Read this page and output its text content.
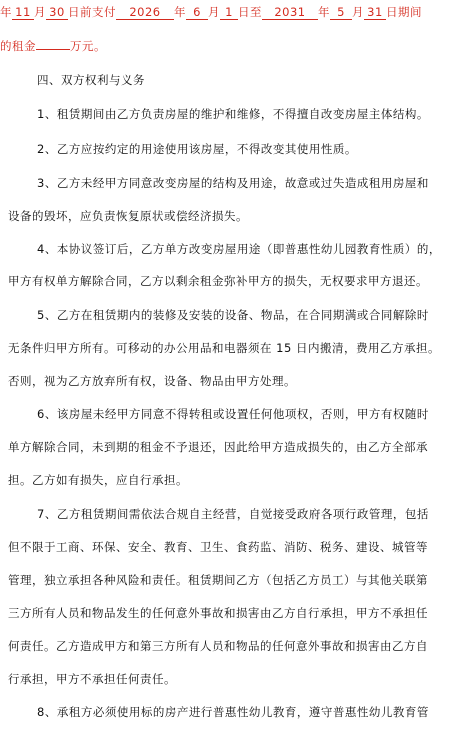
年 11 月 30 日前支付 2026 年 6 月 1 日至 2031 年 5 月 31 日期间
的租金	万元。
四、双方权利与义务
1、租赁期间由乙方负责房屋的维护和维修，不得擅自改变房屋主体结构。
2、乙方应按约定的用途使用该房屋，不得改变其使用性质。
3、乙方未经甲方同意改变房屋的结构及用途，故意或过失造成租用房屋和
设备的毁坏，应负责恢复原状或偿经济损失。
4、本协议签订后，乙方单方改变房屋用途（即普惠性幼儿园教育性质）的，
甲方有权单方解除合同，乙方以剩余租金弥补甲方的损失，无权要求甲方退还。
5、乙方在租赁期内的装修及安装的设备、物品，在合同期满或合同解除时
无条件归甲方所有。可移动的办公用品和电器须在 15 日内搬清，费用乙方承担。
否则，视为乙方放弃所有权，设备、物品由甲方处理。
6、该房屋未经甲方同意不得转租或设置任何他项权，否则，甲方有权随时
单方解除合同，未到期的租金不予退还，因此给甲方造成损失的，由乙方全部承
担。乙方如有损失，应自行承担。
7、乙方租赁期间需依法合规自主经营，自觉接受政府各项行政管理，包括
但不限于工商、环保、安全、教育、卫生、食药监、消防、税务、建设、城管等
管理，独立承担各种风险和责任。租赁期间乙方（包括乙方员工）与其他关联第
三方所有人员和物品发生的任何意外事故和损害由乙方自行承担，甲方不承担任
何责任。乙方造成甲方和第三方所有人员和物品的任何意外事故和损害由乙方自
行承担，甲方不承担任何责任。
8、承租方必须使用标的房产进行普惠性幼儿教育，遵守普惠性幼儿教育管
